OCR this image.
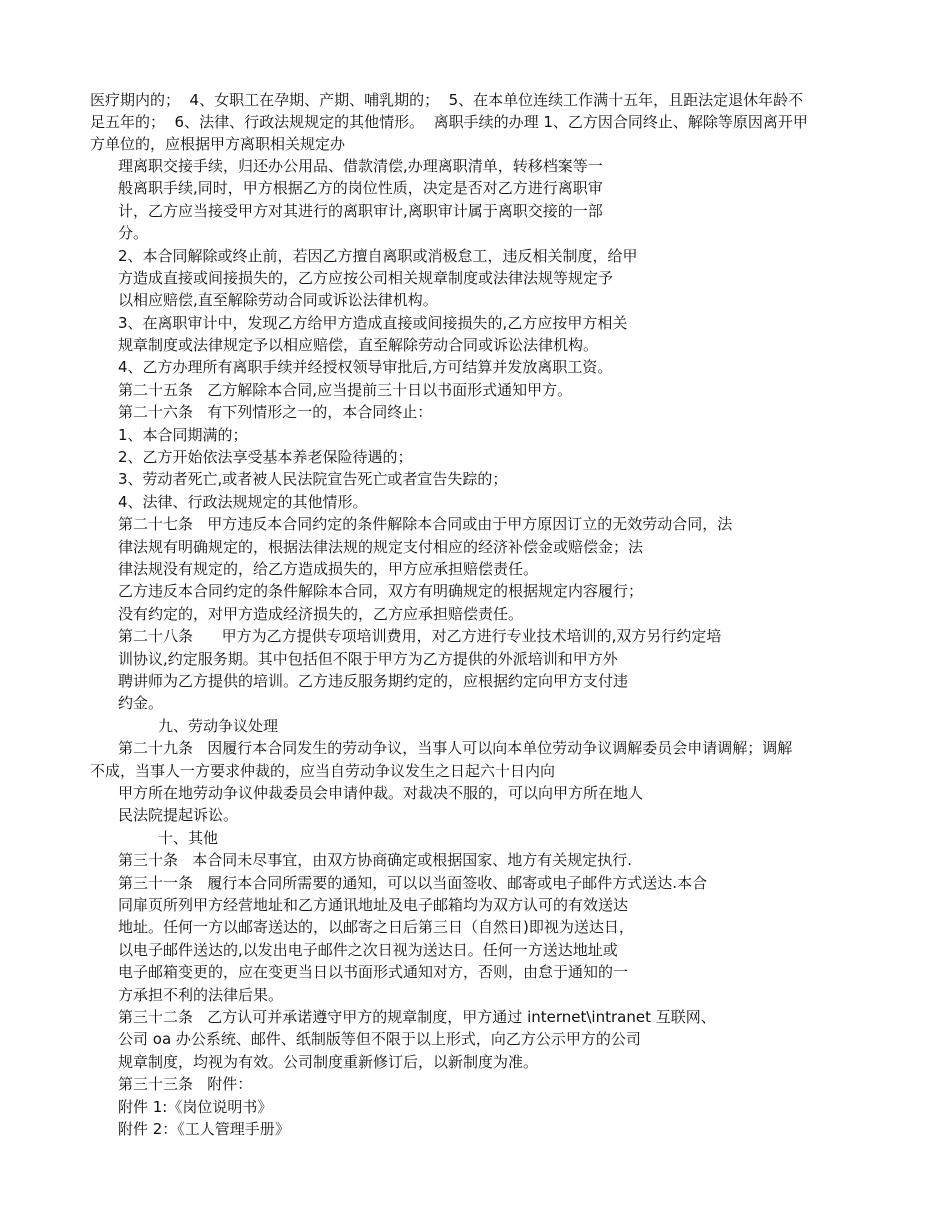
医疗期内的；  4、女职工在孕期、产期、哺乳期的；  5、在本单位连续工作满十五年，且距法定退休年龄不
足五年的；  6、法律、行政法规规定的其他情形。  离职手续的办理 1、乙方因合同终止、解除等原因离开甲
方单位的，应根据甲方离职相关规定办
理离职交接手续，归还办公用品、借款清偿,办理离职清单，转移档案等一
般离职手续,同时，甲方根据乙方的岗位性质，决定是否对乙方进行离职审
计，乙方应当接受甲方对其进行的离职审计,离职审计属于离职交接的一部
分。
2、本合同解除或终止前，若因乙方擅自离职或消极怠工，违反相关制度，给甲
方造成直接或间接损失的，乙方应按公司相关规章制度或法律法规等规定予
以相应赔偿,直至解除劳动合同或诉讼法律机构。
3、在离职审计中，发现乙方给甲方造成直接或间接损失的,乙方应按甲方相关
规章制度或法律规定予以相应赔偿，直至解除劳动合同或诉讼法律机构。
4、乙方办理所有离职手续并经授权领导审批后,方可结算并发放离职工资。
第二十五条   乙方解除本合同,应当提前三十日以书面形式通知甲方。
第二十六条   有下列情形之一的，本合同终止：
1、本合同期满的；
2、乙方开始依法享受基本养老保险待遇的；
3、劳动者死亡,或者被人民法院宣告死亡或者宣告失踪的；
4、法律、行政法规规定的其他情形。
第二十七条   甲方违反本合同约定的条件解除本合同或由于甲方原因订立的无效劳动合同，法
律法规有明确规定的，根据法律法规的规定支付相应的经济补偿金或赔偿金；法
律法规没有规定的，给乙方造成损失的，甲方应承担赔偿责任。
乙方违反本合同约定的条件解除本合同，双方有明确规定的根据规定内容履行；
没有约定的，对甲方造成经济损失的，乙方应承担赔偿责任。
第二十八条      甲方为乙方提供专项培训费用，对乙方进行专业技术培训的,双方另行约定培
训协议,约定服务期。其中包括但不限于甲方为乙方提供的外派培训和甲方外
聘讲师为乙方提供的培训。乙方违反服务期约定的，应根据约定向甲方支付违
约金。
九、劳动争议处理
第二十九条   因履行本合同发生的劳动争议，当事人可以向本单位劳动争议调解委员会申请调解；调解
不成，当事人一方要求仲裁的，应当自劳动争议发生之日起六十日内向
甲方所在地劳动争议仲裁委员会申请仲裁。对裁决不服的，可以向甲方所在地人
民法院提起诉讼。
十、其他
第三十条   本合同未尽事宜，由双方协商确定或根据国家、地方有关规定执行.
第三十一条   履行本合同所需要的通知，可以以当面签收、邮寄或电子邮件方式送达.本合
同扉页所列甲方经营地址和乙方通讯地址及电子邮箱均为双方认可的有效送达
地址。任何一方以邮寄送达的，以邮寄之日后第三日（自然日)即视为送达日，
以电子邮件送达的,以发出电子邮件之次日视为送达日。任何一方送达地址或
电子邮箱变更的，应在变更当日以书面形式通知对方，否则，由怠于通知的一
方承担不利的法律后果。
第三十二条   乙方认可并承诺遵守甲方的规章制度，甲方通过 internet\intranet 互联网、
公司 oa 办公系统、邮件、纸制版等但不限于以上形式，向乙方公示甲方的公司
规章制度，均视为有效。公司制度重新修订后，以新制度为准。
第三十三条   附件：
附件 1:《岗位说明书》
附件 2：《工人管理手册》
